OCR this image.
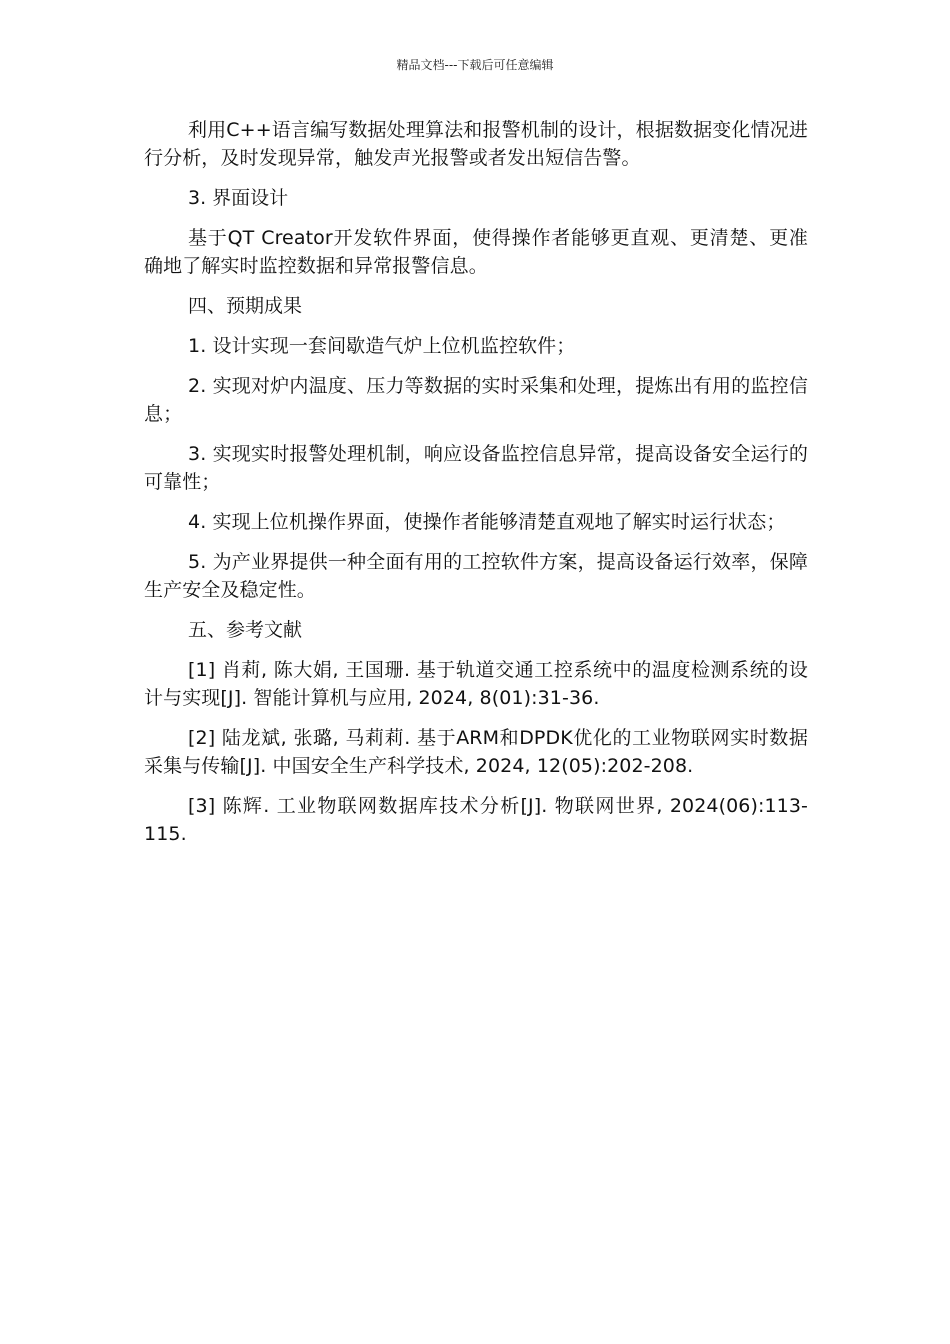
精品文档---下载后可任意编辑

利用C++语言编写数据处理算法和报警机制的设计，根据数据变化情况进行分析，及时发现异常，触发声光报警或者发出短信告警。

3. 界面设计

基于QT Creator开发软件界面，使得操作者能够更直观、更清楚、更准确地了解实时监控数据和异常报警信息。

四、预期成果

1. 设计实现一套间歇造气炉上位机监控软件；

2. 实现对炉内温度、压力等数据的实时采集和处理，提炼出有用的监控信息；

3. 实现实时报警处理机制，响应设备监控信息异常，提高设备安全运行的可靠性；

4. 实现上位机操作界面，使操作者能够清楚直观地了解实时运行状态；

5. 为产业界提供一种全面有用的工控软件方案，提高设备运行效率，保障生产安全及稳定性。

五、参考文献

[1] 肖莉, 陈大娟, 王国珊. 基于轨道交通工控系统中的温度检测系统的设计与实现[J]. 智能计算机与应用, 2024, 8(01):31-36.

[2] 陆龙斌, 张璐, 马莉莉. 基于ARM和DPDK优化的工业物联网实时数据采集与传输[J]. 中国安全生产科学技术, 2024, 12(05):202-208.

[3] 陈辉. 工业物联网数据库技术分析[J]. 物联网世界, 2024(06):113-115.
